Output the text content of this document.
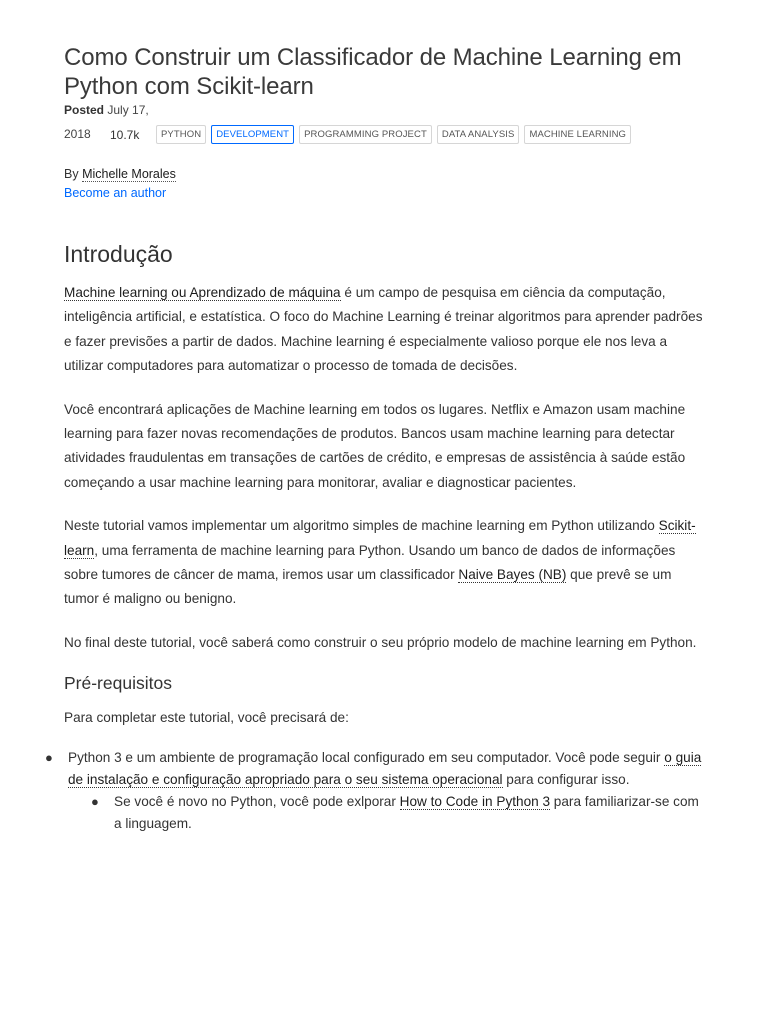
Como Construir um Classificador de Machine Learning em Python com Scikit-learn
Posted July 17,
2018 10.7k	PYTHON	DEVELOPMENT	PROGRAMMING PROJECT	DATA ANALYSIS	MACHINE LEARNING
By Michelle Morales
Become an author
Introdução

Machine learning ou Aprendizado de máquina é um campo de pesquisa em ciência da computação, inteligência artificial, e estatística. O foco do Machine Learning é treinar algoritmos para aprender padrões e fazer previsões a partir de dados. Machine learning é especialmente valioso porque ele nos leva a utilizar computadores para automatizar o processo de tomada de decisões.

Você encontrará aplicações de Machine learning em todos os lugares. Netflix e Amazon usam machine learning para fazer novas recomendações de produtos. Bancos usam machine learning para detectar atividades fraudulentas em transações de cartões de crédito, e empresas de assistência à saúde estão começando a usar machine learning para monitorar, avaliar e diagnosticar pacientes.

Neste tutorial vamos implementar um algoritmo simples de machine learning em Python utilizando Scikit-learn, uma ferramenta de machine learning para Python. Usando um banco de dados de informações sobre tumores de câncer de mama, iremos usar um classificador Naive Bayes (NB) que prevê se um tumor é maligno ou benigno.

No final deste tutorial, você saberá como construir o seu próprio modelo de machine learning em Python.

Pré-requisitos

Para completar este tutorial, você precisará de:

● Python 3 e um ambiente de programação local configurado em seu computador. Você pode seguir o guia de instalação e configuração apropriado para o seu sistema operacional para configurar isso.
● Se você é novo no Python, você pode exlporar How to Code in Python 3 para familiarizar-se com a linguagem.
